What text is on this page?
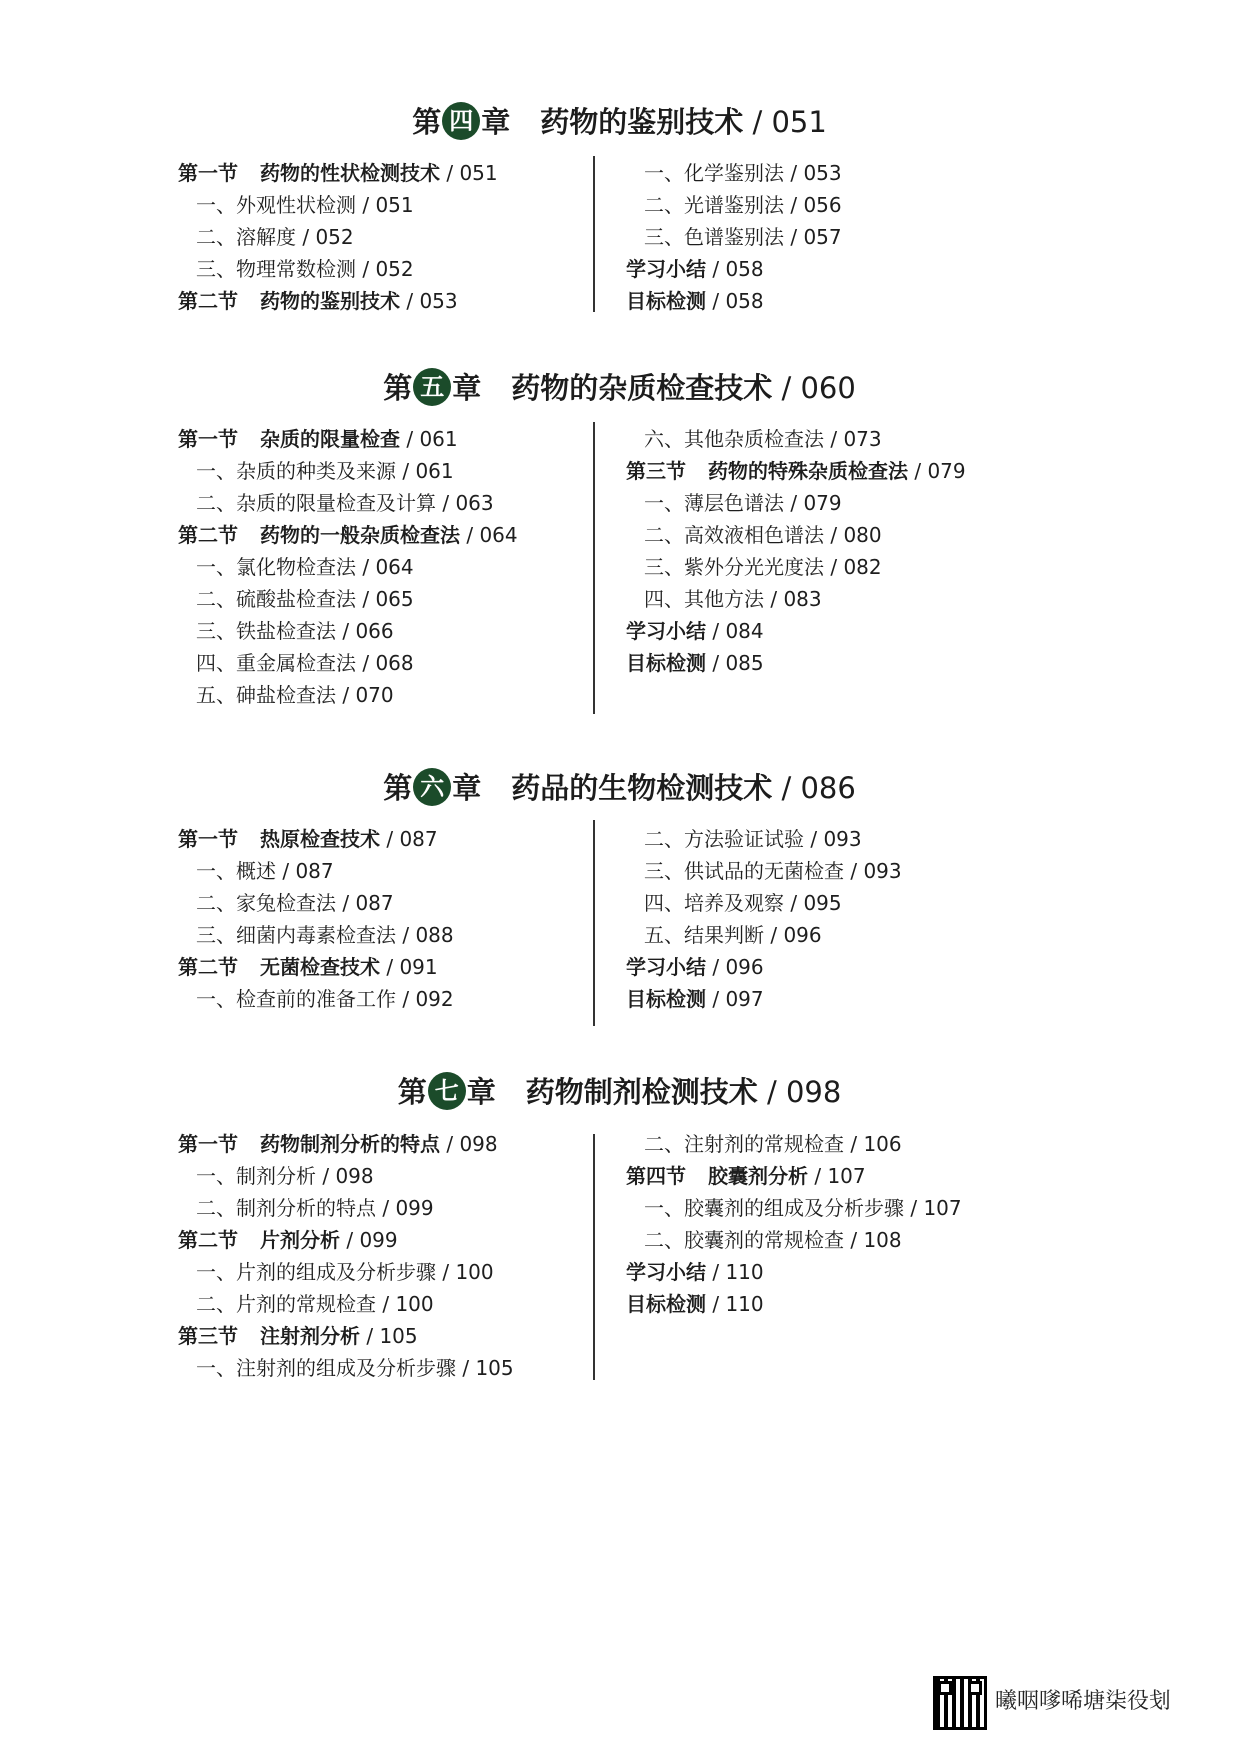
第 四 章 药物的鉴别技术 / 051
第一节 药物的性状检测技术 / 051
一、外观性状检测 / 051
二、溶解度 / 052
三、物理常数检测 / 052
第二节 药物的鉴别技术 / 053
一、化学鉴别法 / 053
二、光谱鉴别法 / 056
三、色谱鉴别法 / 057
学习小结 / 058
目标检测 / 058
第 五 章 药物的杂质检查技术 / 060
第一节 杂质的限量检查 / 061
一、杂质的种类及来源 / 061
二、杂质的限量检查及计算 / 063
第二节 药物的一般杂质检查法 / 064
一、氯化物检查法 / 064
二、硫酸盐检查法 / 065
三、铁盐检查法 / 066
四、重金属检查法 / 068
五、砷盐检查法 / 070
六、其他杂质检查法 / 073
第三节 药物的特殊杂质检查法 / 079
一、薄层色谱法 / 079
二、高效液相色谱法 / 080
三、紫外分光光度法 / 082
四、其他方法 / 083
学习小结 / 084
目标检测 / 085
第 六 章 药品的生物检测技术 / 086
第一节 热原检查技术 / 087
一、概述 / 087
二、家兔检查法 / 087
三、细菌内毒素检查法 / 088
第二节 无菌检查技术 / 091
一、检查前的准备工作 / 092
二、方法验证试验 / 093
三、供试品的无菌检查 / 093
四、培养及观察 / 095
五、结果判断 / 096
学习小结 / 096
目标检测 / 097
第 七 章 药物制剂检测技术 / 098
第一节 药物制剂分析的特点 / 098
一、制剂分析 / 098
二、制剂分析的特点 / 099
第二节 片剂分析 / 099
一、片剂的组成及分析步骤 / 100
二、片剂的常规检查 / 100
第三节 注射剂分析 / 105
一、注射剂的组成及分析步骤 / 105
二、注射剂的常规检查 / 106
第四节 胶囊剂分析 / 107
一、胶囊剂的组成及分析步骤 / 107
二、胶囊剂的常规检查 / 108
学习小结 / 110
目标检测 / 110
曦咽嗲唏塘柒役刬
